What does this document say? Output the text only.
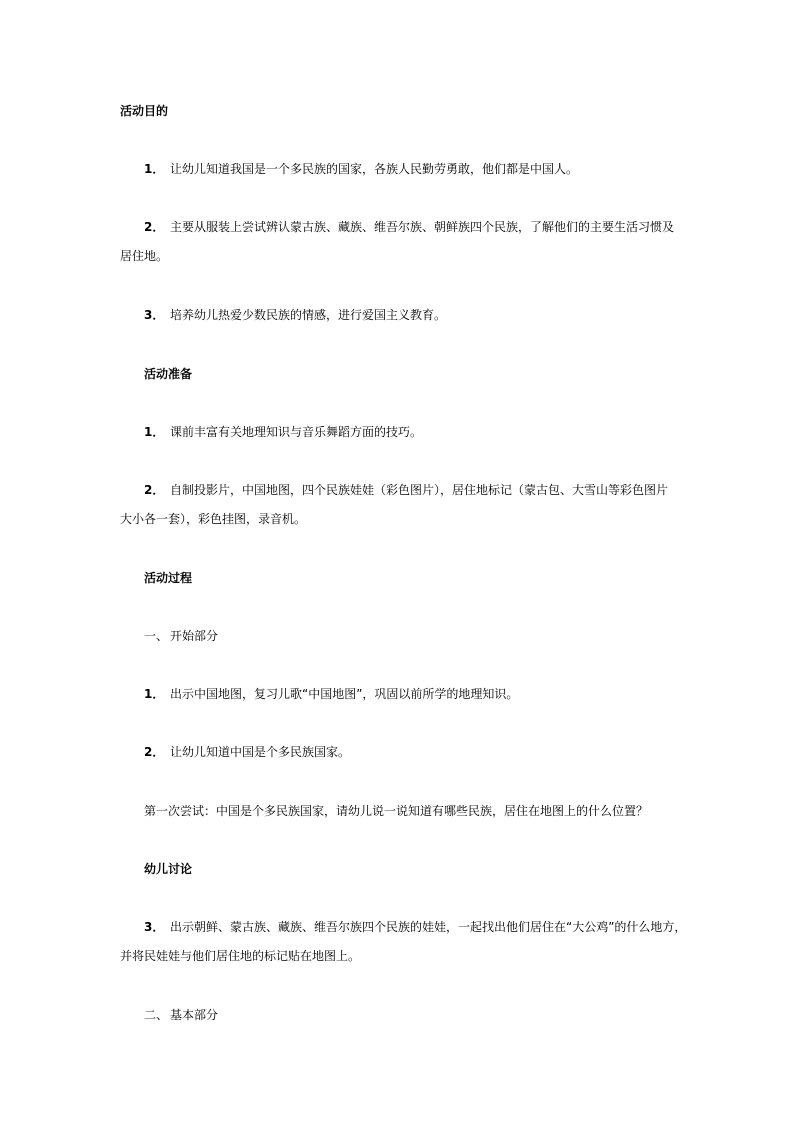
活动目的
1． 让幼儿知道我国是一个多民族的国家，各族人民勤劳勇敢，他们都是中国人。
2． 主要从服装上尝试辨认蒙古族、藏族、维吾尔族、朝鲜族四个民族，了解他们的主要生活习惯及
居住地。
3． 培养幼儿热爱少数民族的情感，进行爱国主义教育。
活动准备
1． 课前丰富有关地理知识与音乐舞蹈方面的技巧。
2． 自制投影片，中国地图，四个民族娃娃（彩色图片），居住地标记（蒙古包、大雪山等彩色图片
大小各一套），彩色挂图，录音机。
活动过程
一、 开始部分
1． 出示中国地图，复习儿歌“中国地图”，巩固以前所学的地理知识。
2． 让幼儿知道中国是个多民族国家。
第一次尝试：中国是个多民族国家，请幼儿说一说知道有哪些民族，居住在地图上的什么位置？
幼儿讨论
3． 出示朝鲜、蒙古族、藏族、维吾尔族四个民族的娃娃，一起找出他们居住在“大公鸡”的什么地方，
并将民娃娃与他们居住地的标记贴在地图上。
二、 基本部分
